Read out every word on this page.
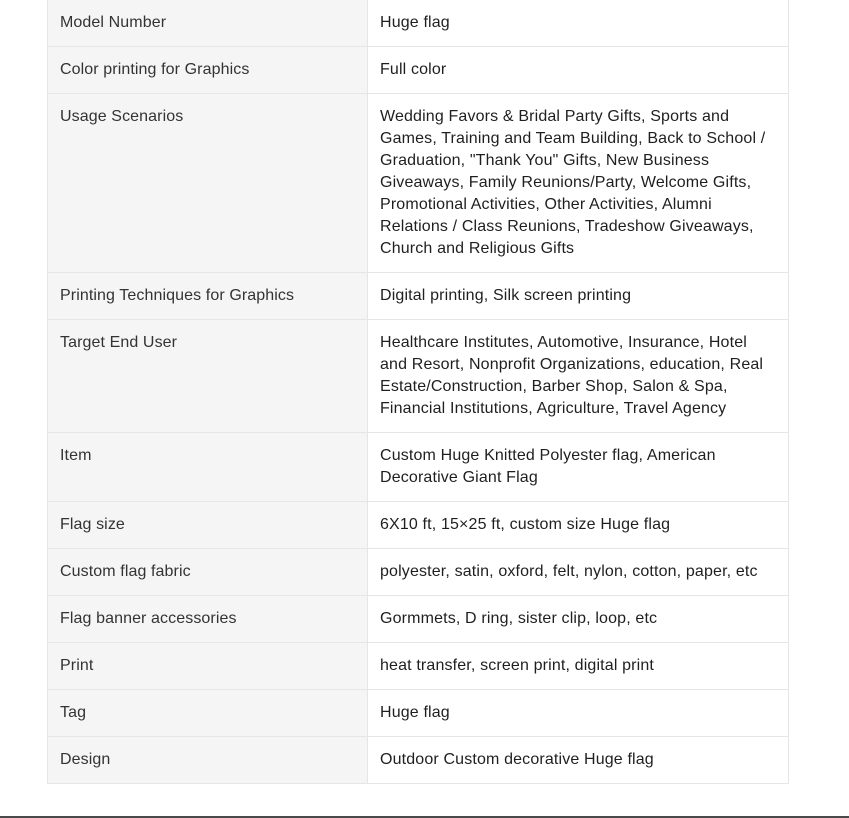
Model Number	Huge flag
Color printing for Graphics	Full color
Usage Scenarios	Wedding Favors & Bridal Party Gifts, Sports and Games, Training and Team Building, Back to School / Graduation, "Thank You" Gifts, New Business Giveaways, Family Reunions/Party, Welcome Gifts, Promotional Activities, Other Activities, Alumni Relations / Class Reunions, Tradeshow Giveaways, Church and Religious Gifts
Printing Techniques for Graphics	Digital printing, Silk screen printing
Target End User	Healthcare Institutes, Automotive, Insurance, Hotel and Resort, Nonprofit Organizations, education, Real Estate/Construction, Barber Shop, Salon & Spa, Financial Institutions, Agriculture, Travel Agency
Item	Custom Huge Knitted Polyester flag, American Decorative Giant Flag
Flag size	6X10 ft, 15×25 ft, custom size Huge flag
Custom flag fabric	polyester, satin, oxford, felt, nylon, cotton, paper, etc
Flag banner accessories	Gormmets, D ring, sister clip, loop, etc
Print	heat transfer, screen print, digital print
Tag	Huge flag
Design	Outdoor Custom decorative Huge flag
